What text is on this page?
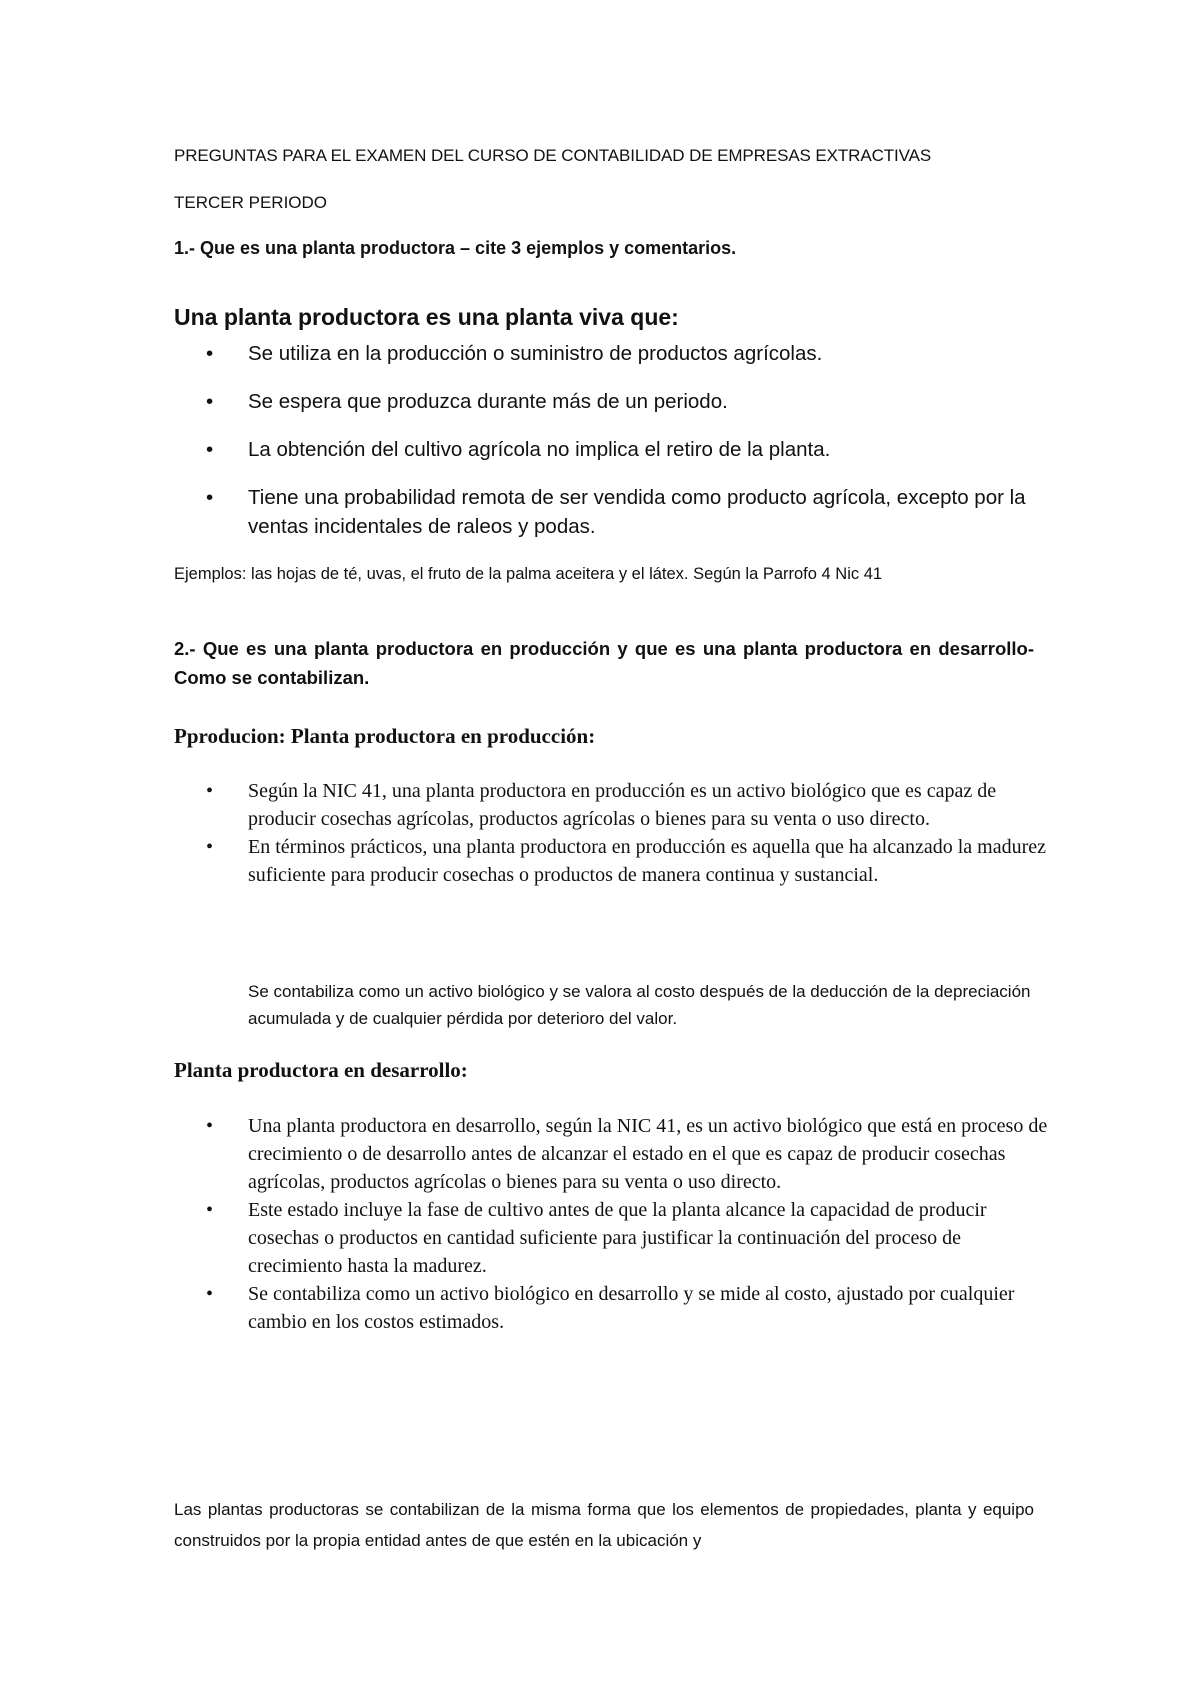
PREGUNTAS PARA EL EXAMEN DEL CURSO DE CONTABILIDAD DE EMPRESAS EXTRACTIVAS

TERCER PERIODO

1.- Que es una planta productora – cite 3 ejemplos y comentarios.

Una planta productora es una planta viva que:

• Se utiliza en la producción o suministro de productos agrícolas.
• Se espera que produzca durante más de un periodo.
• La obtención del cultivo agrícola no implica el retiro de la planta.
• Tiene una probabilidad remota de ser vendida como producto agrícola, excepto por la ventas incidentales de raleos y podas.

Ejemplos: las hojas de té, uvas, el fruto de la palma aceitera y el látex. Según la Parrofo 4 Nic 41

2.- Que es una planta productora en producción y que es una planta productora en desarrollo-Como se contabilizan.

Pproducion: Planta productora en producción:

• Según la NIC 41, una planta productora en producción es un activo biológico que es capaz de producir cosechas agrícolas, productos agrícolas o bienes para su venta o uso directo.
• En términos prácticos, una planta productora en producción es aquella que ha alcanzado la madurez suficiente para producir cosechas o productos de manera continua y sustancial.

Se contabiliza como un activo biológico y se valora al costo después de la deducción de la depreciación acumulada y de cualquier pérdida por deterioro del valor.

Planta productora en desarrollo:

• Una planta productora en desarrollo, según la NIC 41, es un activo biológico que está en proceso de crecimiento o de desarrollo antes de alcanzar el estado en el que es capaz de producir cosechas agrícolas, productos agrícolas o bienes para su venta o uso directo.
• Este estado incluye la fase de cultivo antes de que la planta alcance la capacidad de producir cosechas o productos en cantidad suficiente para justificar la continuación del proceso de crecimiento hasta la madurez.
• Se contabiliza como un activo biológico en desarrollo y se mide al costo, ajustado por cualquier cambio en los costos estimados.

Las plantas productoras se contabilizan de la misma forma que los elementos de propiedades, planta y equipo construidos por la propia entidad antes de que estén en la ubicación y
